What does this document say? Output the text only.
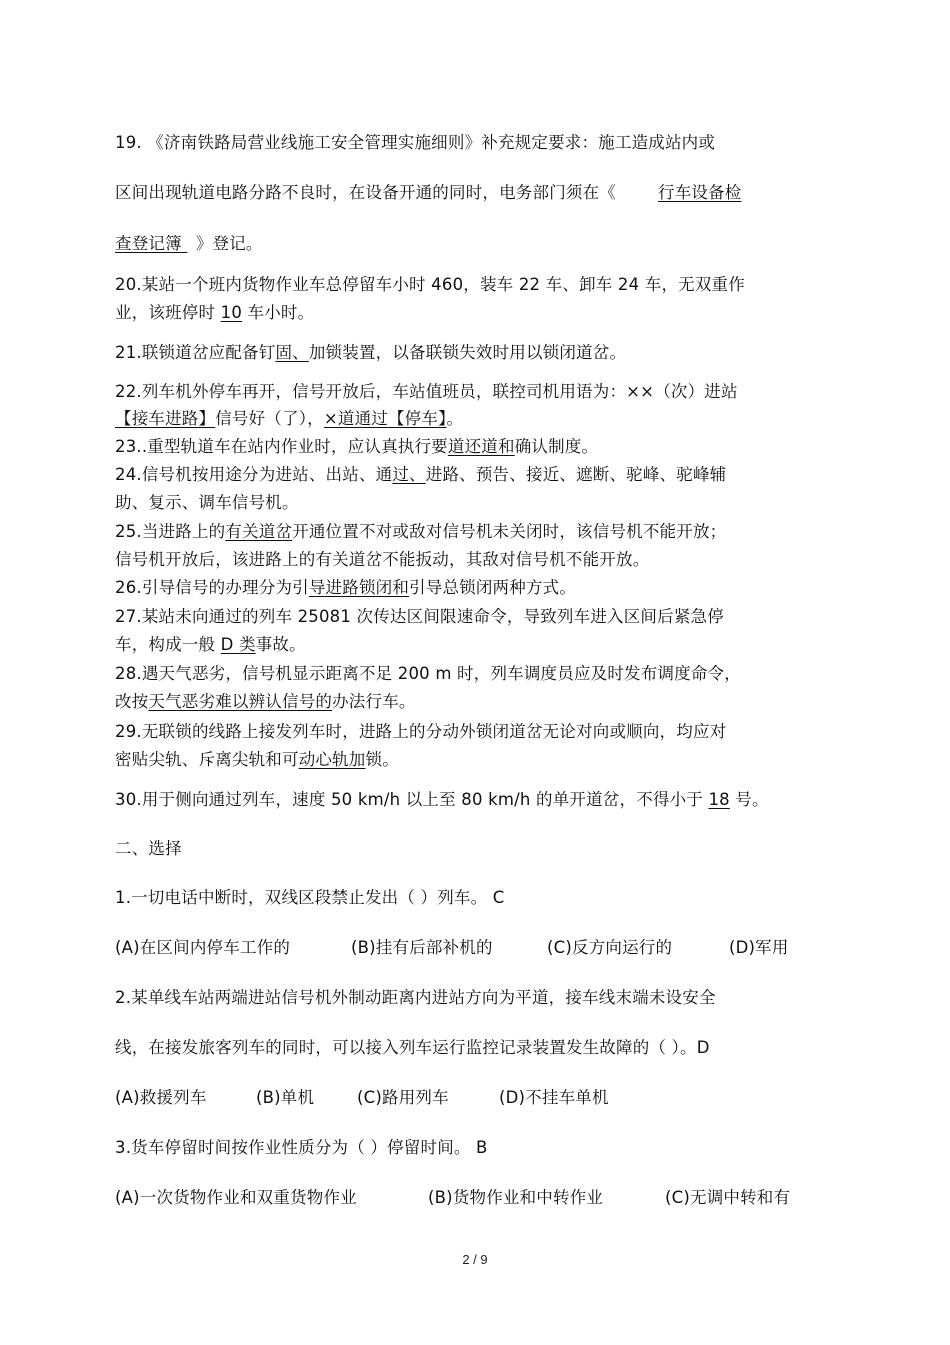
19. 《济南铁路局营业线施工安全管理实施细则》补充规定要求：施工造成站内或
区间出现轨道电路分路不良时，在设备开通的同时，电务部门须在《	行车设备检
查登记簿 》登记。
20.某站一个班内货物作业车总停留车小时 460，装车 22 车、卸车 24 车，无双重作
业，该班停时 10 车小时。
21.联锁道岔应配备钉固、加锁装置，以备联锁失效时用以锁闭道岔。
22.列车机外停车再开，信号开放后，车站值班员，联控司机用语为：××（次）进站
【接车进路】信号好（了），×道通过【停车】。
23..重型轨道车在站内作业时，应认真执行要道还道和确认制度。
24.信号机按用途分为进站、出站、通过、进路、预告、接近、遮断、驼峰、驼峰辅
助、复示、调车信号机。
25.当进路上的有关道岔开通位置不对或敌对信号机未关闭时，该信号机不能开放；
信号机开放后，该进路上的有关道岔不能扳动，其敌对信号机不能开放。
26.引导信号的办理分为引导进路锁闭和引导总锁闭两种方式。
27.某站未向通过的列车 25081 次传达区间限速命令，导致列车进入区间后紧急停
车，构成一般 D 类事故。
28.遇天气恶劣，信号机显示距离不足 200 m 时，列车调度员应及时发布调度命令，
改按天气恶劣难以辨认信号的办法行车。
29.无联锁的线路上接发列车时，进路上的分动外锁闭道岔无论对向或顺向，均应对
密贴尖轨、斥离尖轨和可动心轨加锁。
30.用于侧向通过列车，速度 50 km/h 以上至 80 km/h 的单开道岔，不得小于 18 号。
二、选择
1.一切电话中断时，双线区段禁止发出（ ）列车。 C
(A)在区间内停车工作的	(B)挂有后部补机的	(C)反方向运行的	(D)军用
2.某单线车站两端进站信号机外制动距离内进站方向为平道，接车线末端未设安全
线，在接发旅客列车的同时，可以接入列车运行监控记录装置发生故障的（ ）。D
(A)救援列车	(B)单机	(C)路用列车	(D)不挂车单机
3.货车停留时间按作业性质分为（ ）停留时间。 B
(A)一次货物作业和双重货物作业	(B)货物作业和中转作业	(C)无调中转和有
2 / 9
